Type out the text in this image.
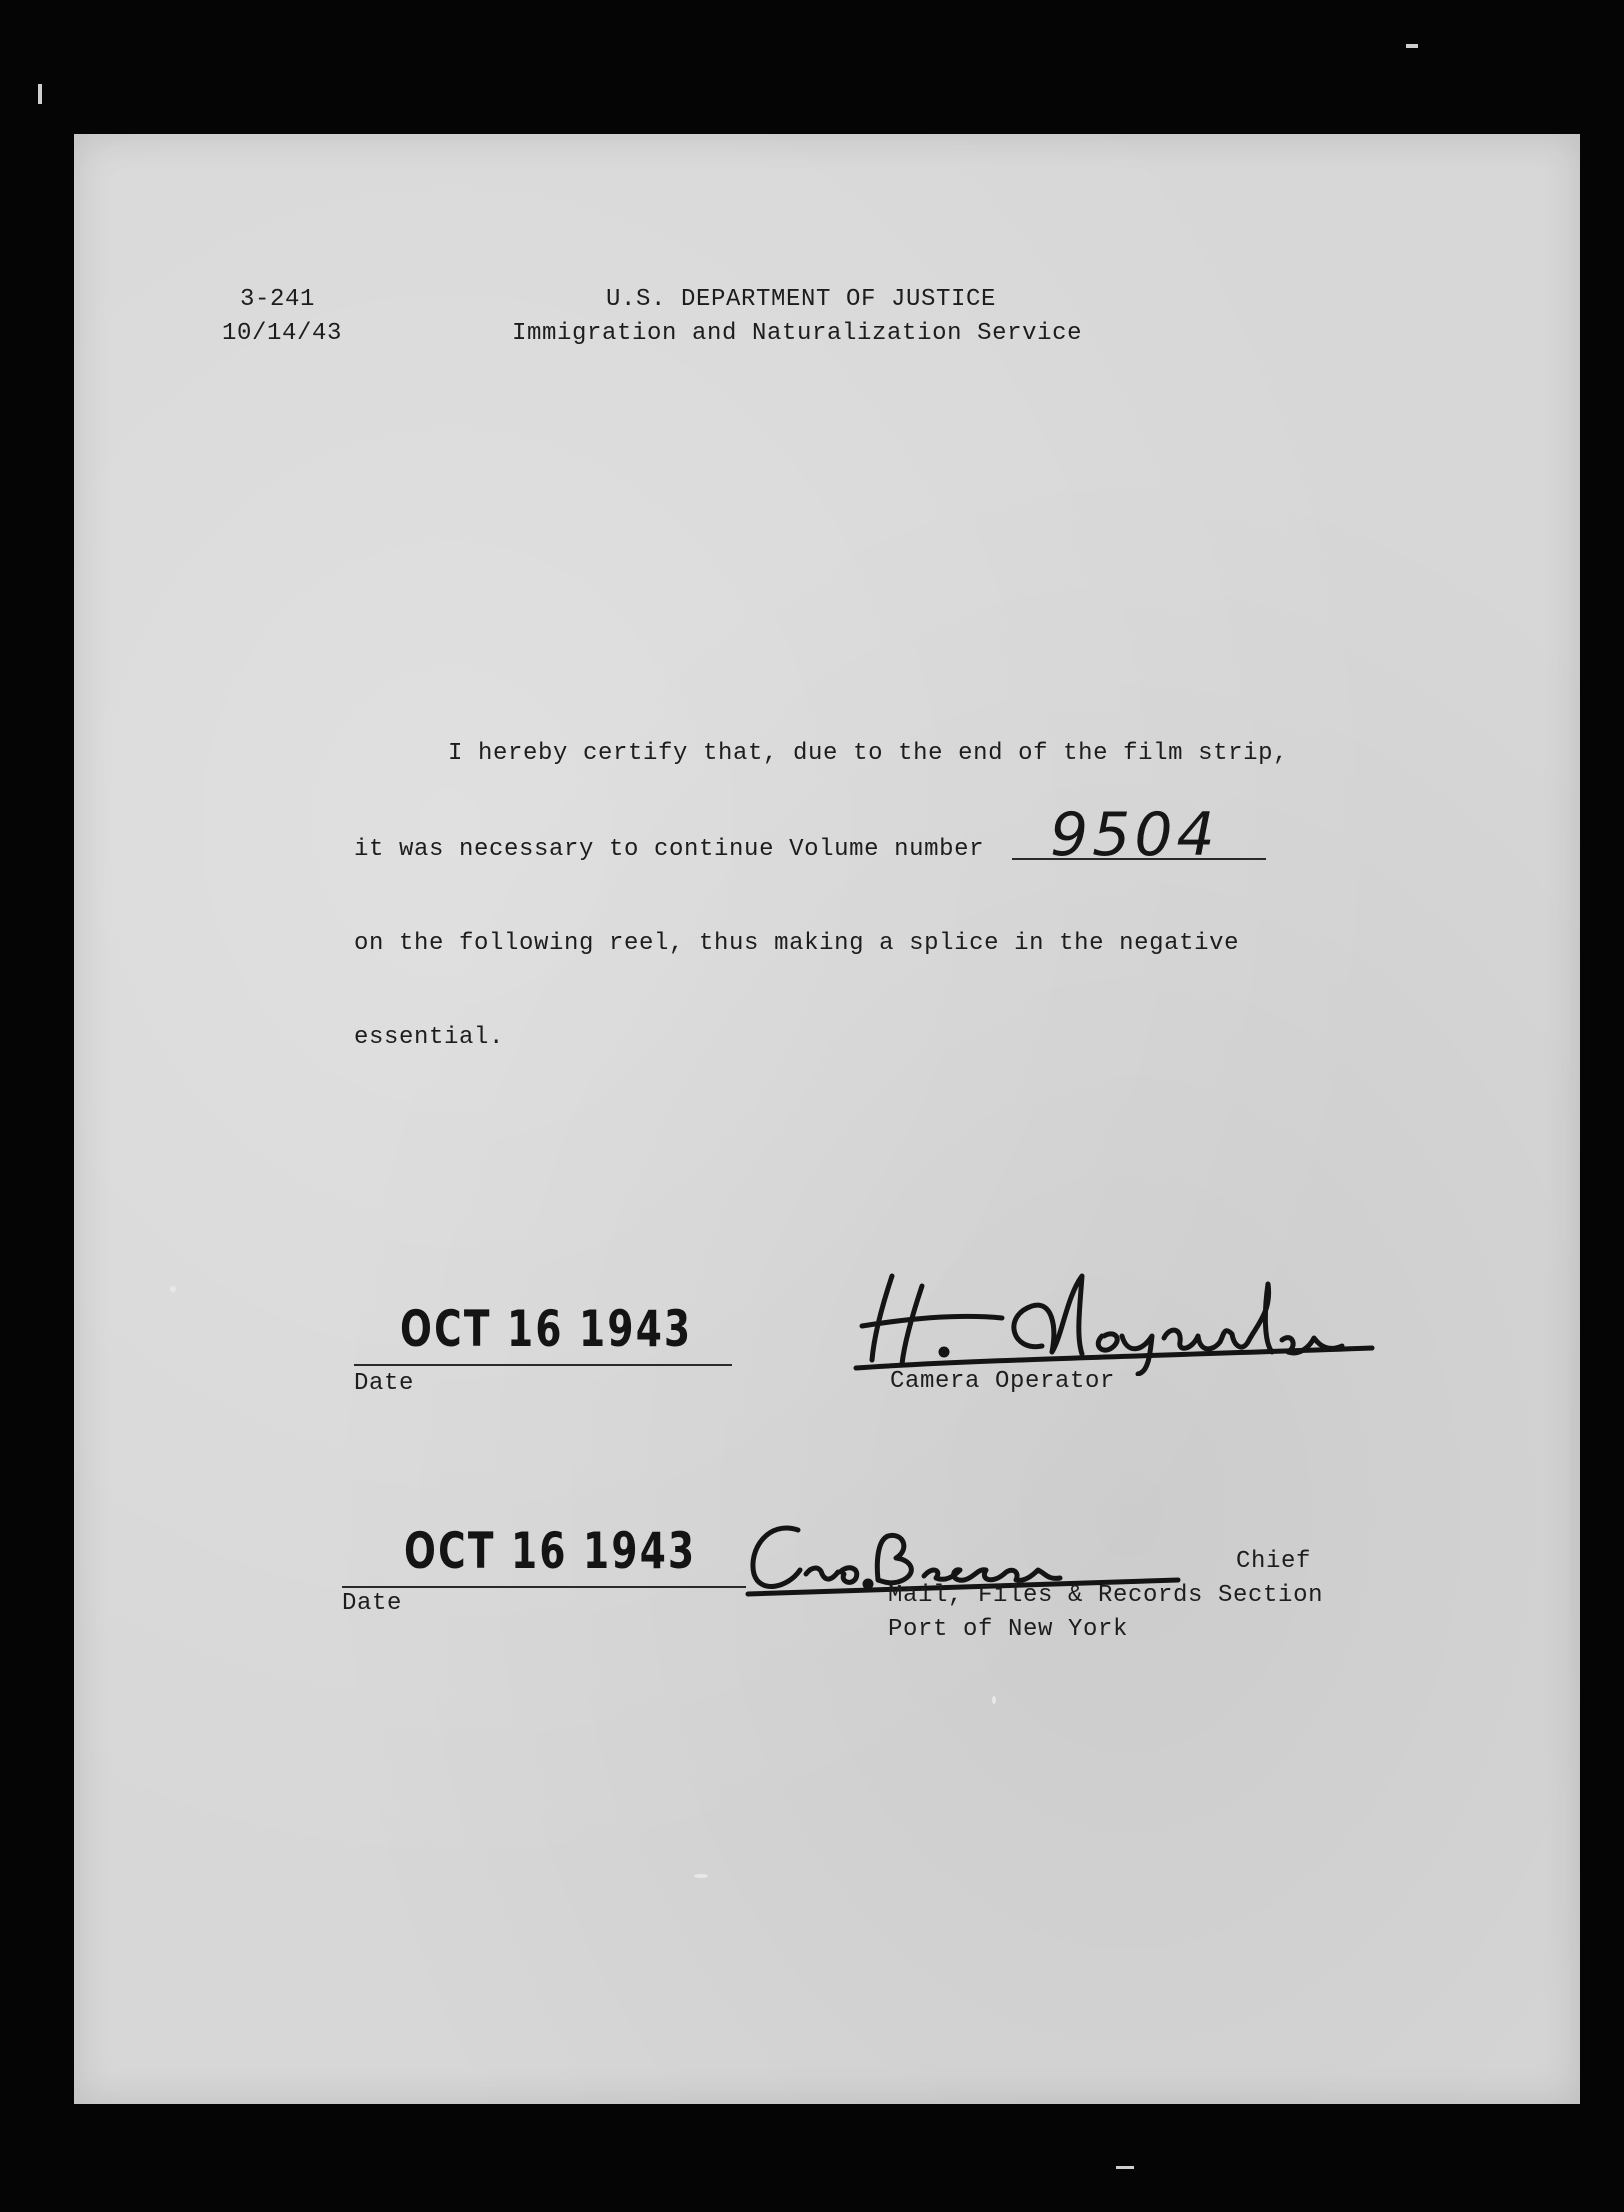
3-241
10/14/43
U.S. DEPARTMENT OF JUSTICE
Immigration and Naturalization Service
I hereby certify that, due to the end of the film strip,
it was necessary to continue Volume number 9504
on the following reel, thus making a splice in the negative
essential.
OCT 16 1943
Date	Camera Operator
OCT 16 1943
Date
Chief
Mail, Files & Records Section
Port of New York
